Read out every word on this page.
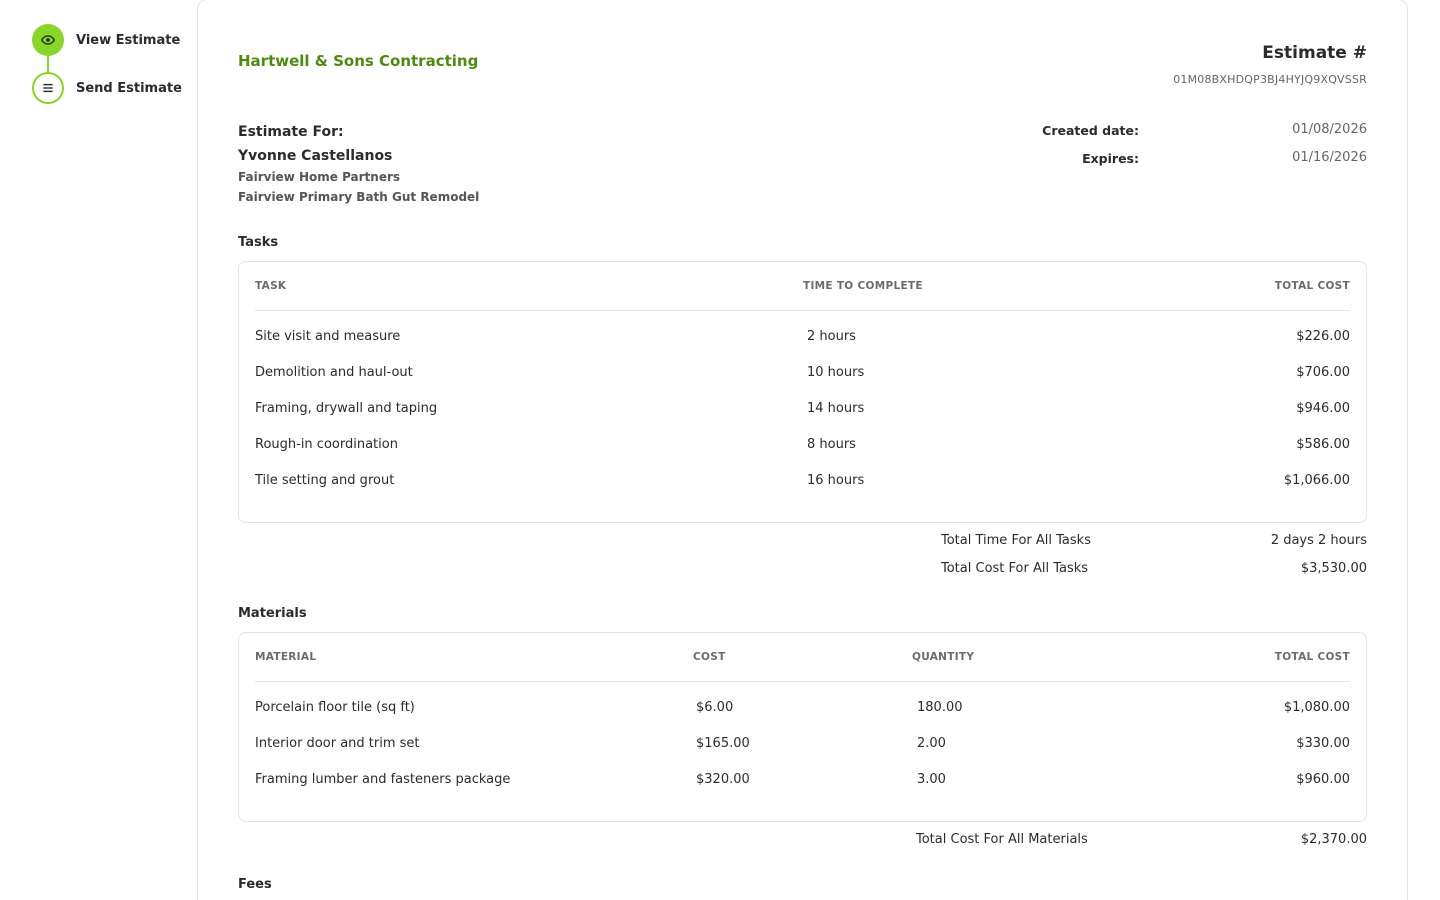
View Estimate
Send Estimate
Hartwell & Sons Contracting	Estimate #
01M08BXHDQP3BJ4HYJQ9XQVSSR
Estimate For:
Yvonne Castellanos
Fairview Home Partners
Fairview Primary Bath Gut Remodel
Created date:	01/08/2026
Expires:	01/16/2026
Tasks
TASK	TIME TO COMPLETE	TOTAL COST
Site visit and measure	2 hours	$226.00
Demolition and haul-out	10 hours	$706.00
Framing, drywall and taping	14 hours	$946.00
Rough-in coordination	8 hours	$586.00
Tile setting and grout	16 hours	$1,066.00
Total Time For All Tasks	2 days 2 hours
Total Cost For All Tasks	$3,530.00
Materials
MATERIAL	COST	QUANTITY	TOTAL COST
Porcelain floor tile (sq ft)	$6.00	180.00	$1,080.00
Interior door and trim set	$165.00	2.00	$330.00
Framing lumber and fasteners package	$320.00	3.00	$960.00
Total Cost For All Materials	$2,370.00
Fees
